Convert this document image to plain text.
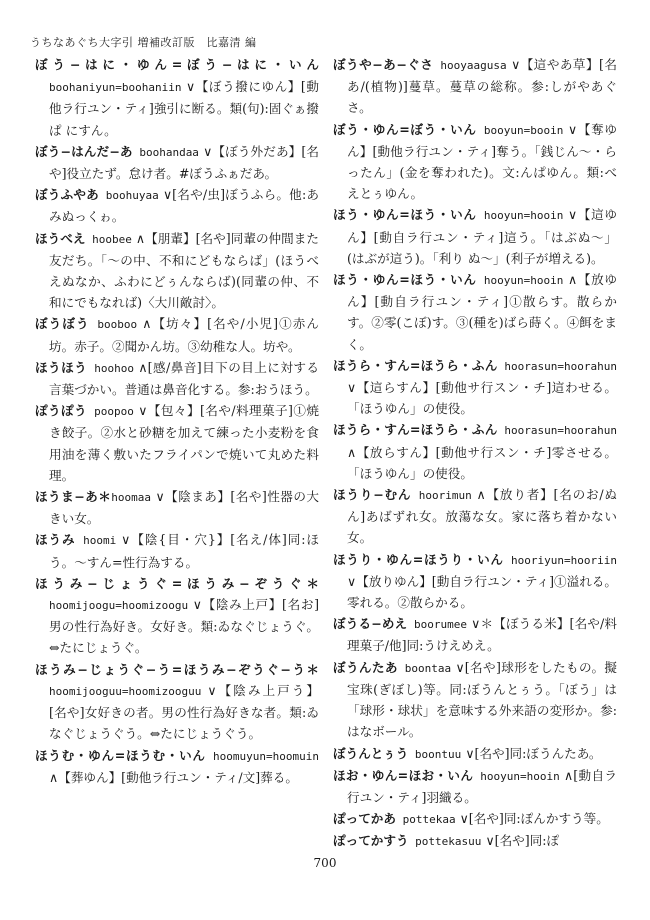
うちなあぐち大字引 増補改訂版　比嘉清 編

ぼう−はに・ゆん=ぼう−はに・いん boohaniyun=boohaniin ∨【ぼう撥にゆん】[動他ラ行ユン・ティ]強引に断る。類(句):固ぐぁ撥ぱ にすん。

ぼう−はんだ−あ boohandaa ∨【ぼう外だあ】[名や]役立たず。怠け者。#ぼうふぁだあ。

ぼうふやあ boohuyaa ∨[名や/虫]ぼうふら。他:あみぬっくゎ。

ほうべえ hoobee ∧【朋輩】[名や]同輩の仲間また友だち。「〜の中、不和にどもならば」(ほうべえぬなか、ふわにどぅんならば)(同輩の仲、不和にでもなれば)〈大川敵討〉。

ぼうぼう booboo ∧【坊々】[名や/小児]①赤ん坊。赤子。②聞かん坊。③幼稚な人。坊や。

ほうほう hoohoo ∧[感/鼻音]目下の目上に対する言葉づかい。普通は鼻音化する。参:おうほう。

ぽうぽう poopoo ∨【包々】[名や/料理菓子]①焼き餃子。②水と砂糖を加えて練った小麦粉を食用油を薄く敷いたフライパンで焼いて丸めた料理。

ほうま−あ＊hoomaa ∨【陰まあ】[名や]性器の大きい女。

ほうみ hoomi ∨【陰{目・穴}】[名え/体]同:ほう。〜すん=性行為する。

ほうみ−じょうぐ=ほうみ−ぞうぐ＊hoomijoogu=hoomizoogu ∨【陰み上戸】[名お]男の性行為好き。女好き。類:ゐなぐじょうぐ。⇔たにじょうぐ。

ほうみ−じょうぐ−う=ほうみ−ぞうぐ−う＊hoomijooguu=hoomizooguu ∨【陰み上戸う】[名や]女好きの者。男の性行為好きな者。類:ゐなぐじょうぐう。⇔たにじょうぐう。

ほうむ・ゆん=ほうむ・いん hoomuyun=hoomuin ∧【葬ゆん】[動他ラ行ユン・ティ/文]葬る。

ぼうや−あ−ぐさ hooyaagusa ∨【這やあ草】[名あ/(植物)]蔓草。蔓草の総称。参:しがやあぐさ。

ぼう・ゆん=ぼう・いん booyun=booin ∨【奪ゆん】[動他ラ行ユン・ティ]奪う。「銭じん〜・らったん」(金を奪われた)。文:んぱゆん。類:べえとぅゆん。

ほう・ゆん=ほう・いん hooyun=hooin ∨【這ゆん】[動自ラ行ユン・ティ]這う。「はぶぬ〜」(はぶが這う)。「利り ぬ〜」(利子が増える)。

ほう・ゆん=ほう・いん hooyun=hooin ∧【放ゆん】[動自ラ行ユン・ティ]①散らす。散らかす。②零(こぼ)す。③(種を)ばら蒔く。④餌をまく。

ほうら・すん=ほうら・ふん hoorasun=hoorahun ∨【這らすん】[動他サ行スン・チ]這わせる。「ほうゆん」の使役。

ほうら・すん=ほうら・ふん hoorasun=hoorahun ∧【放らすん】[動他サ行スン・チ]零させる。「ほうゆん」の使役。

ほうり−むん hoorimun ∧【放り者】[名のお/ぬん]あばずれ女。放蕩な女。家に落ち着かない女。

ほうり・ゆん=ほうり・いん hooriyun=hooriin ∨【放りゆん】[動自ラ行ユン・ティ]①溢れる。零れる。②散らかる。

ぼうる−めえ boorumee ∨＊【ぼうる米】[名や/料理菓子/他]同:うけえめえ。

ぼうんたあ boontaa ∨[名や]球形をしたもの。擬宝珠(ぎぼし)等。同:ぼうんとぅう。「ぼう」は「球形・球状」を意味する外来語の変形か。参:はなボール。

ぼうんとぅう boontuu ∨[名や]同:ぼうんたあ。

ほお・ゆん=ほお・いん hooyun=hooin ∧[動自ラ行ユン・ティ]羽織る。

ぽってかあ pottekaa ∨[名や]同:ぽんかすう等。

ぽってかすう pottekasuu ∨[名や]同:ぽ

700
